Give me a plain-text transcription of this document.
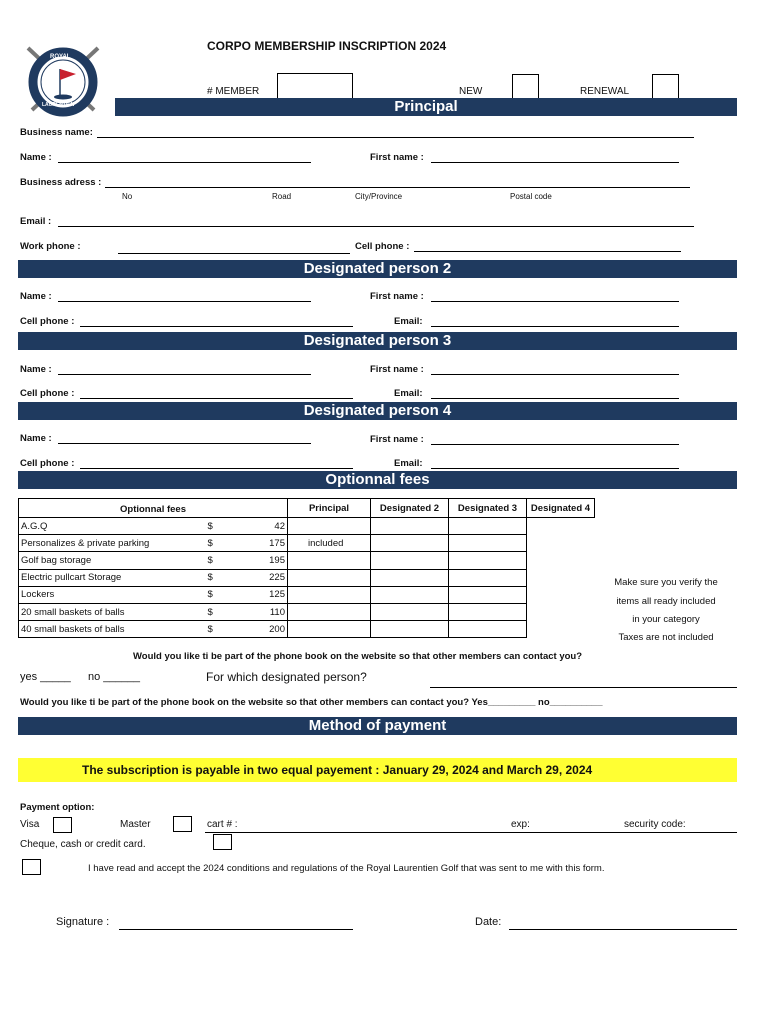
ROYAL
LAURENTIEN
CORPO MEMBERSHIP INSCRIPTION 2024
# MEMBER	NEW	RENEWAL
Principal
Business name:
Name :	First name :
Business adress :
No	Road	City/Province	Postal code
Email :
Work phone :	Cell phone :
Designated person 2
Name :	First name :
Cell phone :	Email:
Designated person 3
Name :	First name :
Cell phone :	Email:
Designated person 4
Name :	First name :
Cell phone :	Email:
Optionnal fees
Optionnal fees			Principal	Designated 2	Designated 3	Designated 4
A.G.Q	$	42				
Personalizes & private parking	$	175	included			
Golf bag storage	$	195				
Electric pullcart Storage	$	225				
Lockers	$	125				
20 small baskets of balls	$	110				
40 small baskets of balls	$	200				
Make sure you verify the
items all ready included
in your category
Taxes are not included
Would you like ti be part of the phone book on the website so that other members can contact you?
yes _____ no ______	For which designated person?
Would you like ti be part of the phone book on the website so that other members can contact you? Yes_________ no__________
Method of payment
The subscription is payable in two equal payement : January 29, 2024 and March 29, 2024
Payment option:
Visa	Master	cart # :	exp:	security code:
Cheque, cash or credit card.
I have read and accept the 2024 conditions and regulations of the Royal Laurentien Golf that was sent to me with this form.
Signature :	Date:
